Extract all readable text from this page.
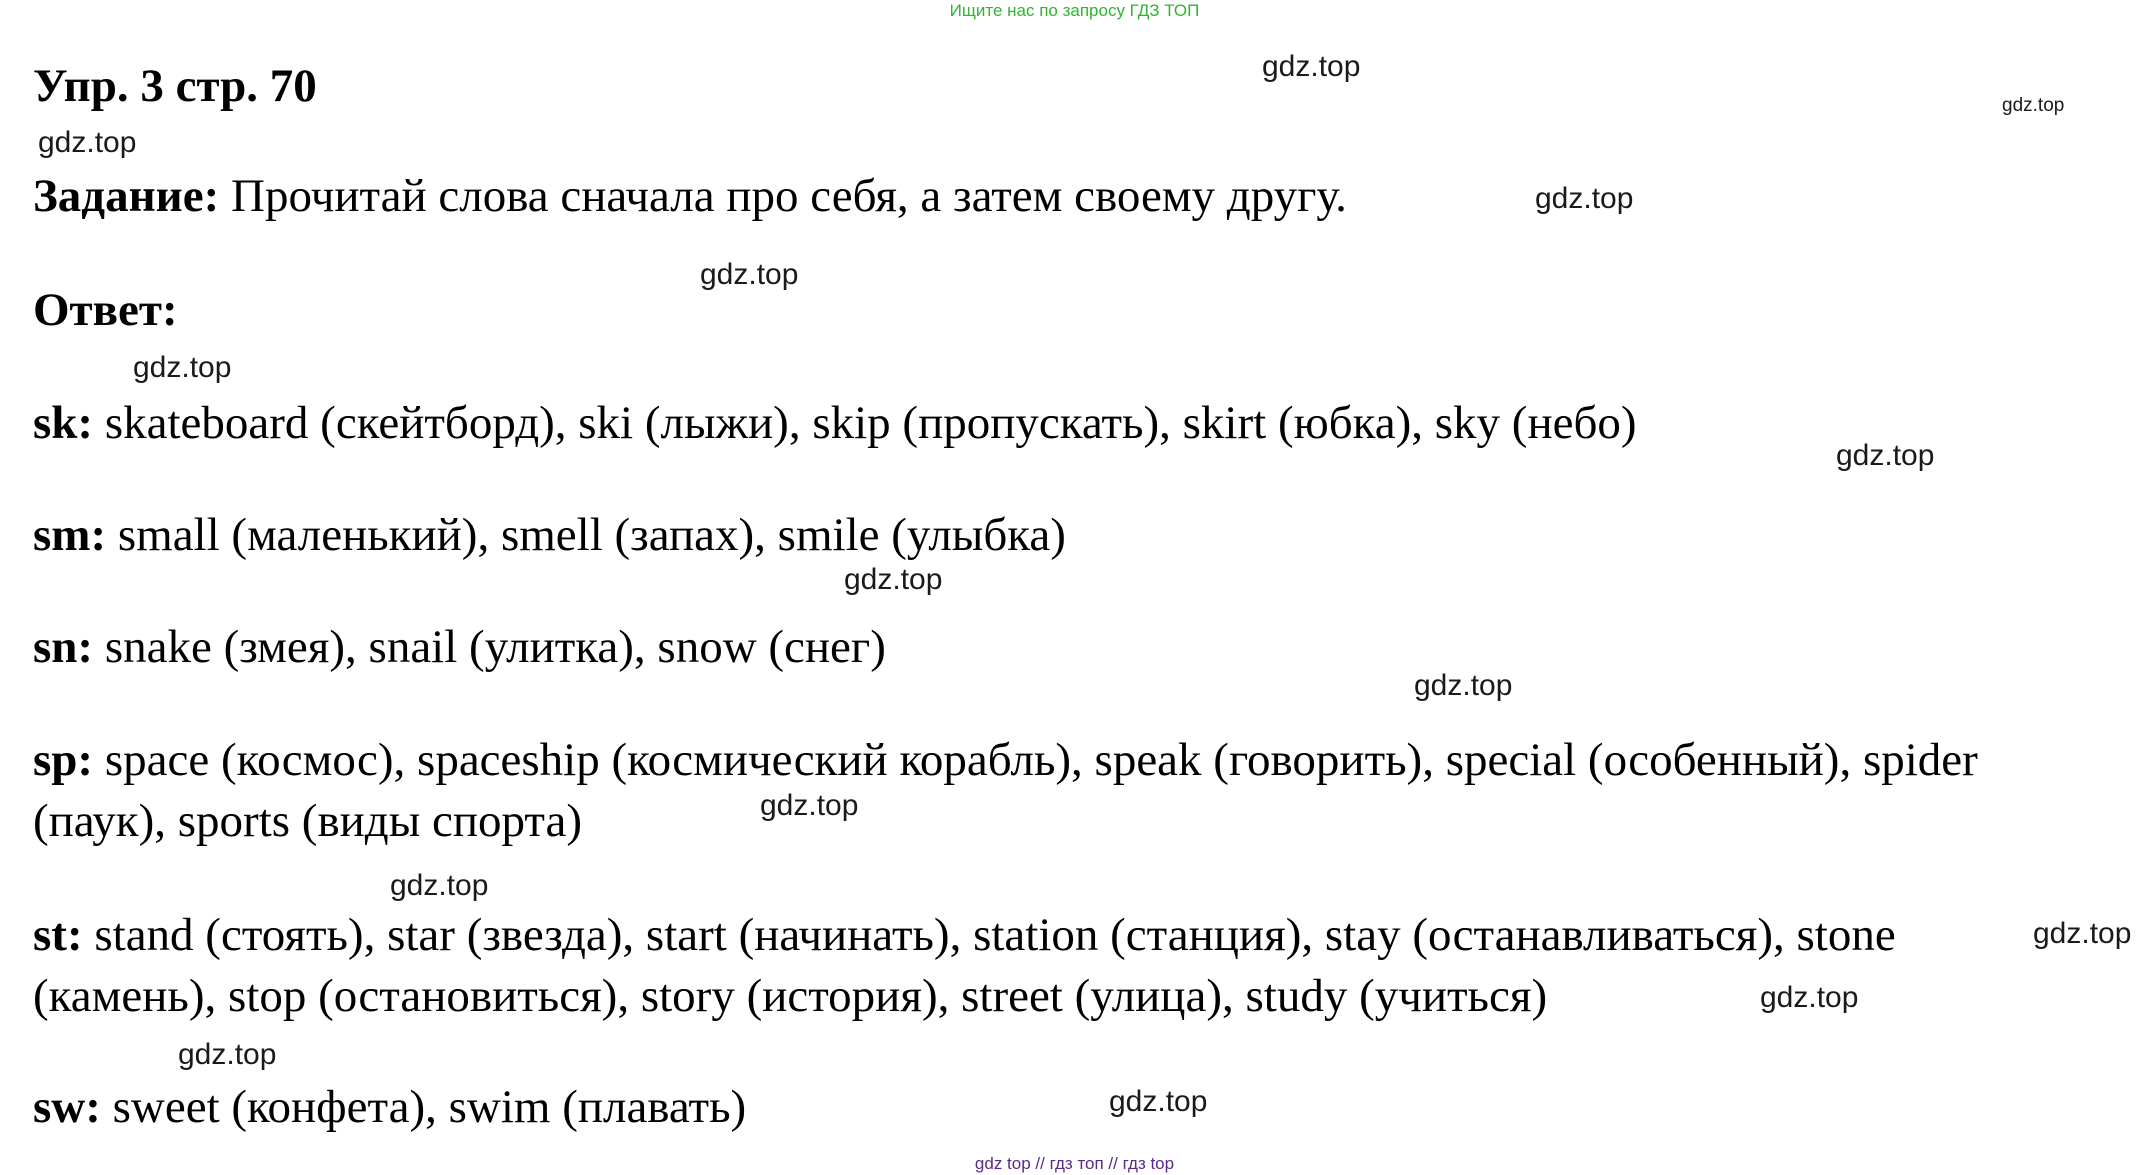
Ищите нас по запросу ГДЗ ТОП
Упр. 3 стр. 70
Задание: Прочитай слова сначала про себя, а затем своему другу.
Ответ:
sk: skateboard (скейтборд), ski (лыжи), skip (пропускать), skirt (юбка), sky (небо)
sm: small (маленький), smell (запах), smile (улыбка)
sn: snake (змея), snail (улитка), snow (снег)
sp: space (космос), spaceship (космический корабль), speak (говорить), special (особенный), spider
(паук), sports (виды спорта)
st: stand (стоять), star (звезда), start (начинать), station (станция), stay (останавливаться), stone
(камень), stop (остановиться), story (история), street (улица), study (учиться)
sw: sweet (конфета), swim (плавать)
gdz.top
gdz.top
gdz.top
gdz.top
gdz.top
gdz.top
gdz.top
gdz.top
gdz.top
gdz.top
gdz.top
gdz.top
gdz.top
gdz.top
gdz.top
gdz top // гдз топ // гдз top
